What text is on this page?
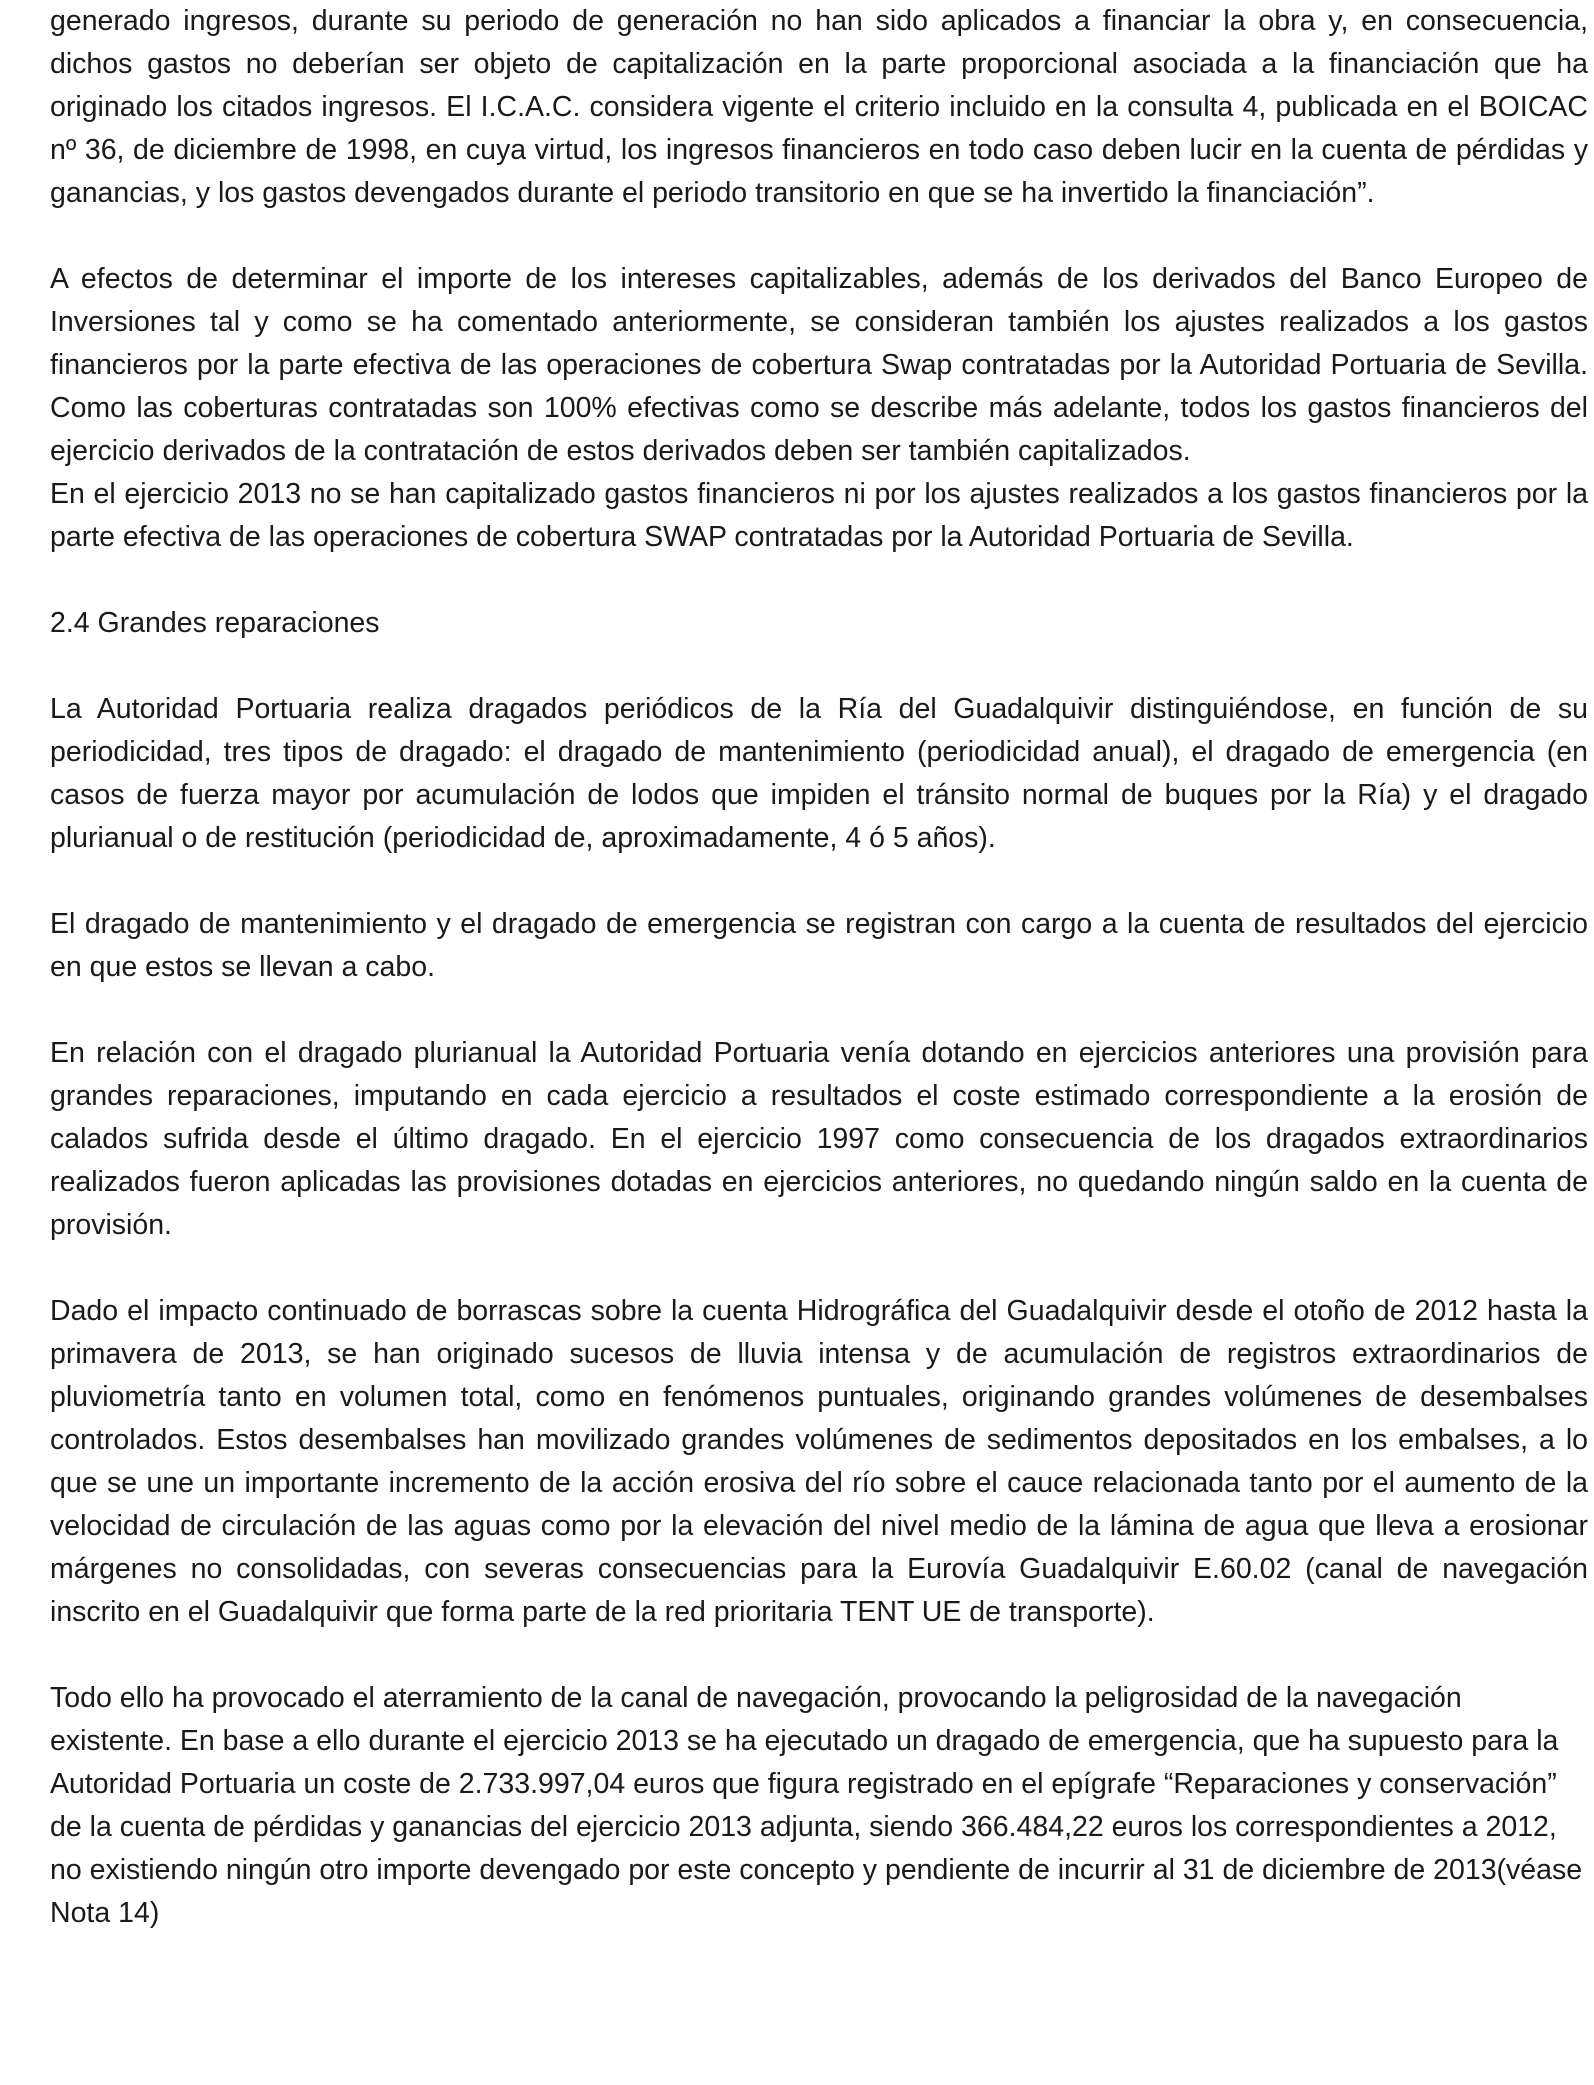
generado ingresos, durante su periodo de generación no han sido aplicados a financiar la obra y, en consecuencia, dichos gastos no deberían ser objeto de capitalización en la parte proporcional asociada a la financiación que ha originado los citados ingresos. El I.C.A.C. considera vigente el criterio incluido en la consulta 4, publicada en el BOICAC nº 36, de diciembre de 1998, en cuya virtud, los ingresos financieros en todo caso deben lucir en la cuenta de pérdidas y ganancias, y los gastos devengados durante el periodo transitorio en que se ha invertido la financiación”.

A efectos de determinar el importe de los intereses capitalizables, además de los derivados del Banco Europeo de Inversiones tal y como se ha comentado anteriormente, se consideran también los ajustes realizados a los gastos financieros por la parte efectiva de las operaciones de cobertura Swap contratadas por la Autoridad Portuaria de Sevilla. Como las coberturas contratadas son 100% efectivas como se describe más adelante, todos los gastos financieros del ejercicio derivados de la contratación de estos derivados deben ser también capitalizados.

En el ejercicio 2013 no se han capitalizado gastos financieros ni por los ajustes realizados a los gastos financieros por la parte efectiva de las operaciones de cobertura SWAP contratadas por la Autoridad Portuaria de Sevilla.

2.4 Grandes reparaciones

La Autoridad Portuaria realiza dragados periódicos de la Ría del Guadalquivir distinguiéndose, en función de su periodicidad, tres tipos de dragado: el dragado de mantenimiento (periodicidad anual), el dragado de emergencia (en casos de fuerza mayor por acumulación de lodos que impiden el tránsito normal de buques por la Ría) y el dragado plurianual o de restitución (periodicidad de, aproximadamente, 4 ó 5 años).

El dragado de mantenimiento y el dragado de emergencia se registran con cargo a la cuenta de resultados del ejercicio en que estos se llevan a cabo.

En relación con el dragado plurianual la Autoridad Portuaria venía dotando en ejercicios anteriores una provisión para grandes reparaciones, imputando en cada ejercicio a resultados el coste estimado correspondiente a la erosión de calados sufrida desde el último dragado. En el ejercicio 1997 como consecuencia de los dragados extraordinarios realizados fueron aplicadas las provisiones dotadas en ejercicios anteriores, no quedando ningún saldo en la cuenta de provisión.

Dado el impacto continuado de borrascas sobre la cuenta Hidrográfica del Guadalquivir desde el otoño de 2012 hasta la primavera de 2013, se han originado sucesos de lluvia intensa y de acumulación de registros extraordinarios de pluviometría tanto en volumen total, como en fenómenos puntuales, originando grandes volúmenes de desembalses controlados. Estos desembalses han movilizado grandes volúmenes de sedimentos depositados en los embalses, a lo que se une un importante incremento de la acción erosiva del río sobre el cauce relacionada tanto por el aumento de la velocidad de circulación de las aguas como por la elevación del nivel medio de la lámina de agua que lleva a erosionar márgenes no consolidadas, con severas consecuencias para la Eurovía Guadalquivir E.60.02 (canal de navegación inscrito en el Guadalquivir que forma parte de la red prioritaria TENT UE de transporte).

Todo ello ha provocado el aterramiento de la canal de navegación, provocando la peligrosidad de la navegación existente. En base a ello durante el ejercicio 2013 se ha ejecutado un dragado de emergencia, que ha supuesto para la Autoridad Portuaria un coste de 2.733.997,04 euros que figura registrado en el epígrafe “Reparaciones y conservación” de la cuenta de pérdidas y ganancias del ejercicio 2013 adjunta, siendo 366.484,22 euros los correspondientes a 2012, no existiendo ningún otro importe devengado por este concepto y pendiente de incurrir al 31 de diciembre de 2013(véase Nota 14)
